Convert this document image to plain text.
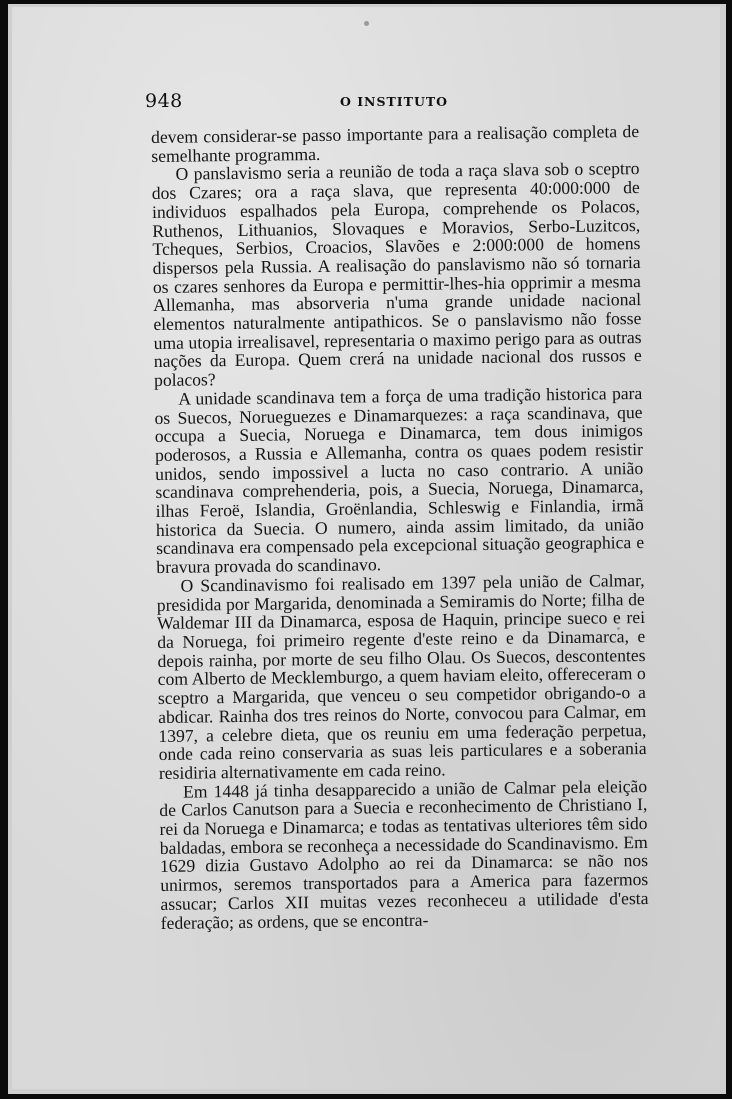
948	O INSTITUTO

devem considerar-se passo importante para a realisação completa de semelhante programma.

O panslavismo seria a reunião de toda a raça slava sob o sceptro dos Czares; ora a raça slava, que representa 40:000:000 de individuos espalhados pela Europa, comprehende os Polacos, Ruthenos, Lithuanios, Slovaques e Moravios, Serbo-Luzitcos, Tcheques, Serbios, Croacios, Slavões e 2:000:000 de homens dispersos pela Russia. A realisação do panslavismo não só tornaria os czares senhores da Europa e permittir-lhes-hia opprimir a mesma Allemanha, mas absorveria n'uma grande unidade nacional elementos naturalmente antipathicos. Se o panslavismo não fosse uma utopia irrealisavel, representaria o maximo perigo para as outras nações da Europa. Quem crerá na unidade nacional dos russos e polacos?

A unidade scandinava tem a força de uma tradição historica para os Suecos, Norueguezes e Dinamarquezes: a raça scandinava, que occupa a Suecia, Noruega e Dinamarca, tem dous inimigos poderosos, a Russia e Allemanha, contra os quaes podem resistir unidos, sendo impossivel a lucta no caso contrario. A união scandinava comprehenderia, pois, a Suecia, Noruega, Dinamarca, ilhas Feroë, Islandia, Groënlandia, Schleswig e Finlandia, irmã historica da Suecia. O numero, ainda assim limitado, da união scandinava era compensado pela excepcional situação geographica e bravura provada do scandinavo.

O Scandinavismo foi realisado em 1397 pela união de Calmar, presidida por Margarida, denominada a Semiramis do Norte; filha de Waldemar III da Dinamarca, esposa de Haquin, principe sueco e rei da Noruega, foi primeiro regente d'este reino e da Dinamarca, e depois rainha, por morte de seu filho Olau. Os Suecos, descontentes com Alberto de Mecklemburgo, a quem haviam eleito, offereceram o sceptro a Margarida, que venceu o seu competidor obrigando-o a abdicar. Rainha dos tres reinos do Norte, convocou para Calmar, em 1397, a celebre dieta, que os reuniu em uma federação perpetua, onde cada reino conservaria as suas leis particulares e a soberania residiria alternativamente em cada reino.

Em 1448 já tinha desapparecido a união de Calmar pela eleição de Carlos Canutson para a Suecia e reconhecimento de Christiano I, rei da Noruega e Dinamarca; e todas as tentativas ulteriores têm sido baldadas, embora se reconheça a necessidade do Scandinavismo. Em 1629 dizia Gustavo Adolpho ao rei da Dinamarca: se não nos unirmos, seremos transportados para a America para fazermos assucar; Carlos XII muitas vezes reconheceu a utilidade d'esta federação; as ordens, que se encontra-
